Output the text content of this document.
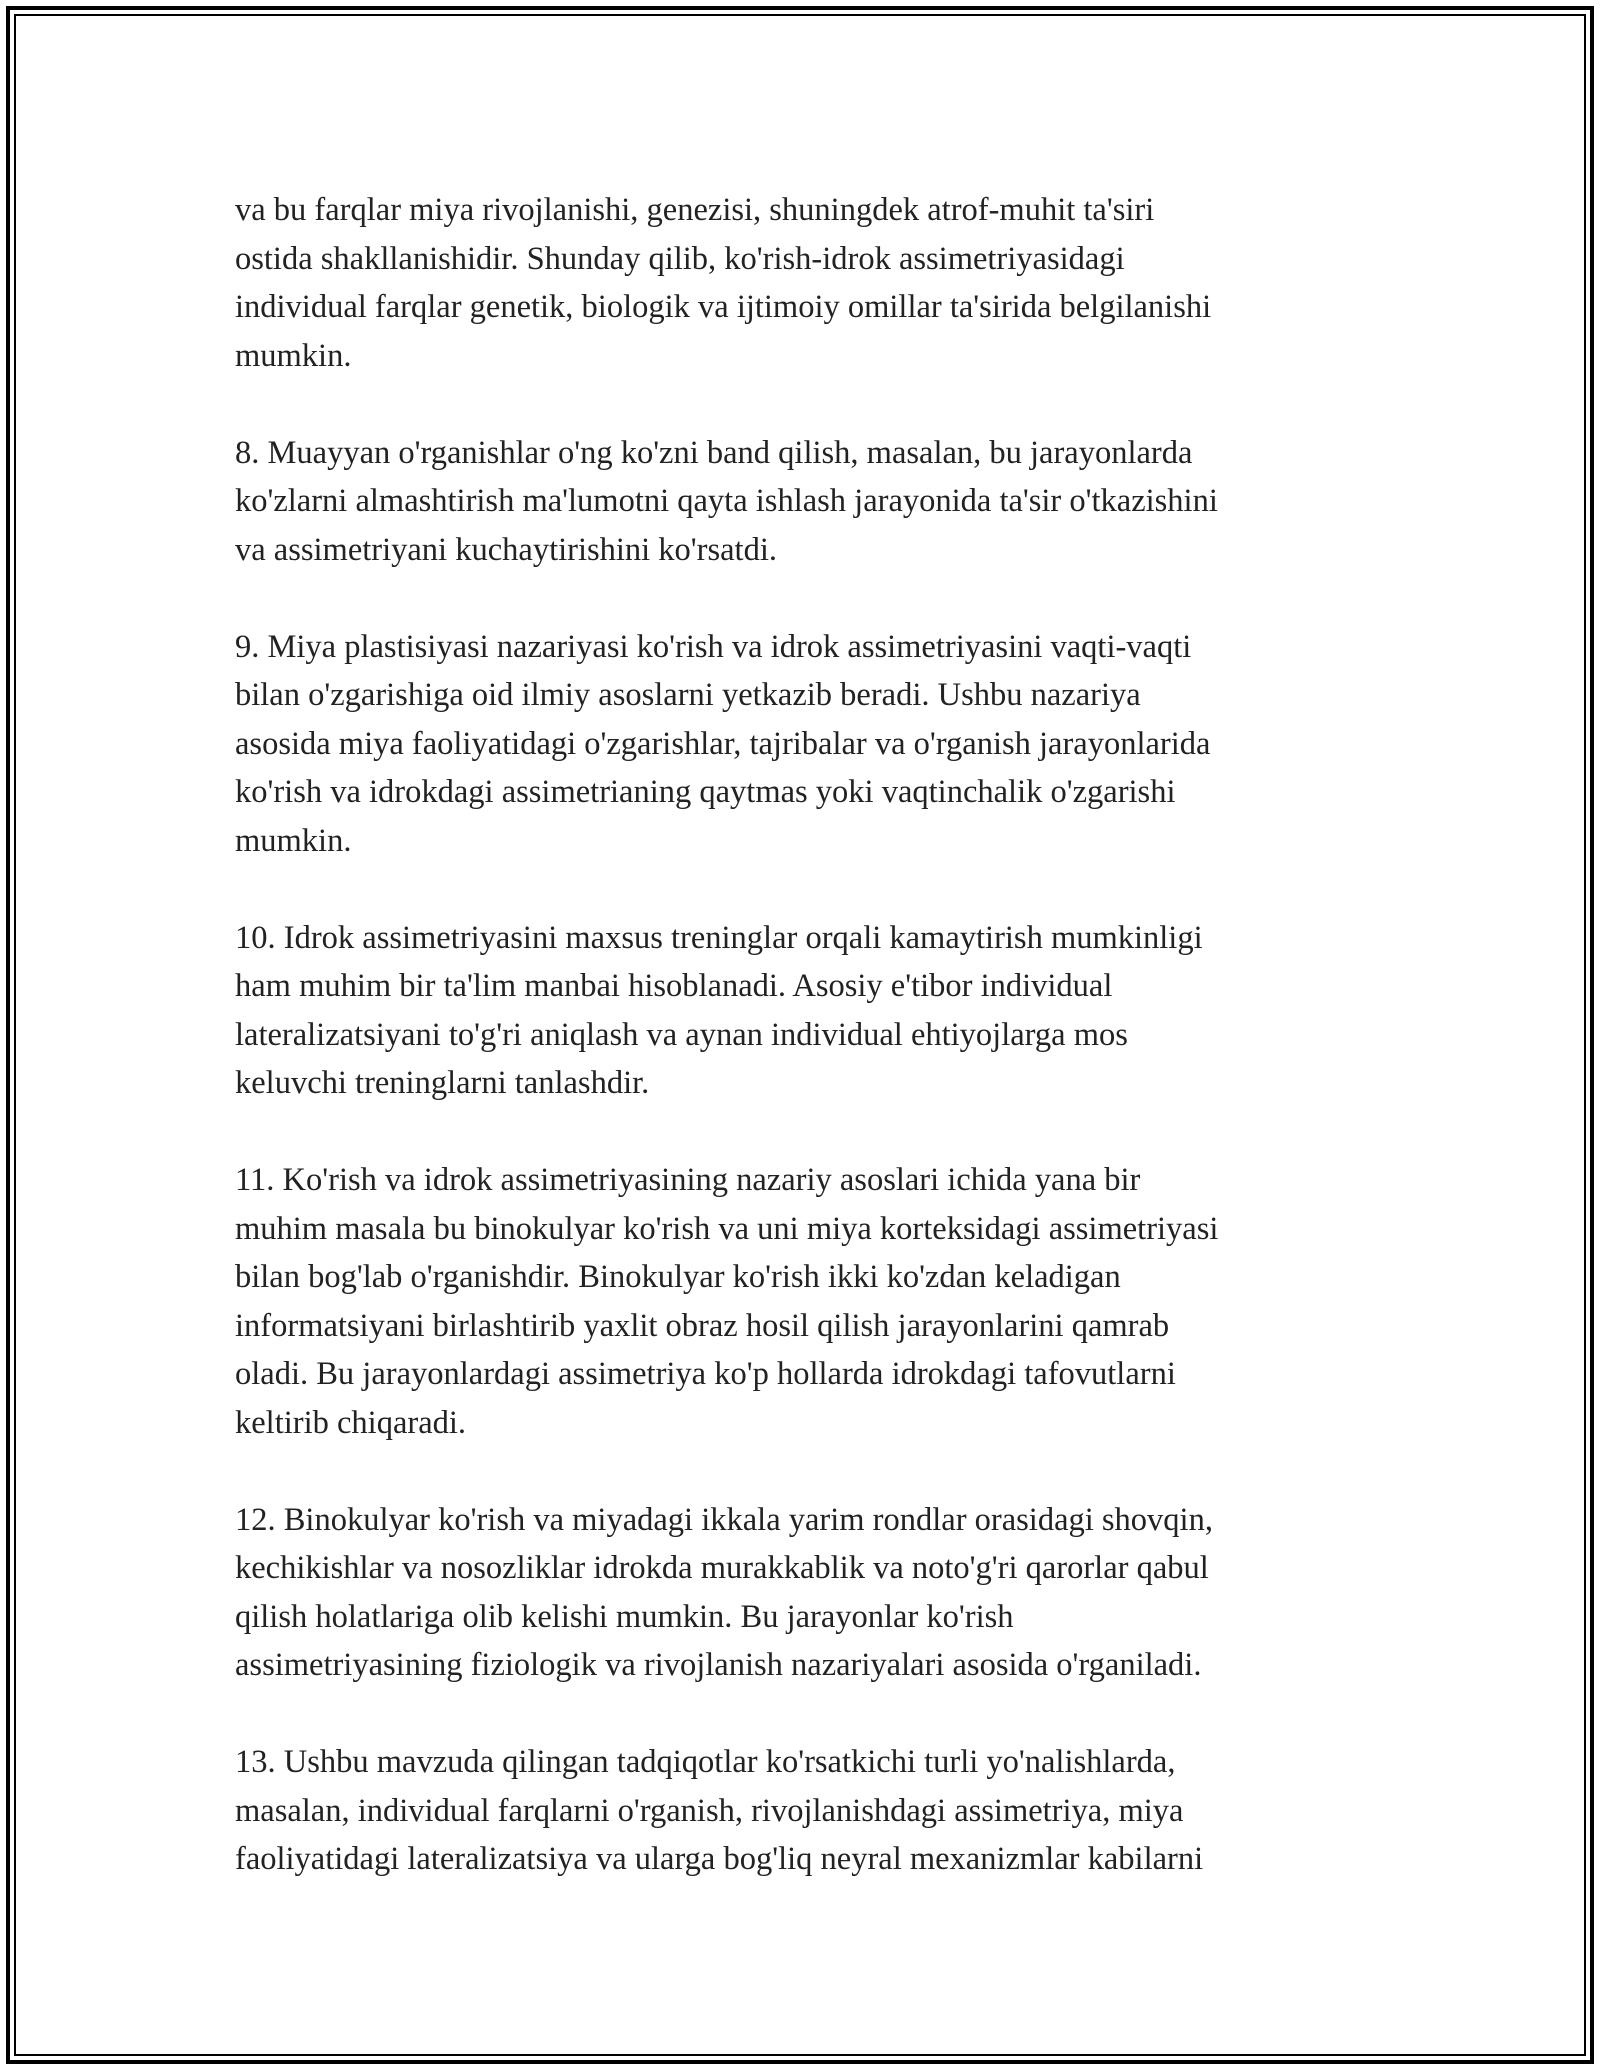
va bu farqlar miya rivojlanishi, genezisi, shuningdek atrof-muhit ta'siri
ostida shakllanishidir. Shunday qilib, ko'rish-idrok assimetriyasidagi
individual farqlar genetik, biologik va ijtimoiy omillar ta'sirida belgilanishi
mumkin.

8. Muayyan o'rganishlar o'ng ko'zni band qilish, masalan, bu jarayonlarda
ko'zlarni almashtirish ma'lumotni qayta ishlash jarayonida ta'sir o'tkazishini
va assimetriyani kuchaytirishini ko'rsatdi.

9. Miya plastisiyasi nazariyasi ko'rish va idrok assimetriyasini vaqti-vaqti
bilan o'zgarishiga oid ilmiy asoslarni yetkazib beradi. Ushbu nazariya
asosida miya faoliyatidagi o'zgarishlar, tajribalar va o'rganish jarayonlarida
ko'rish va idrokdagi assimetrianing qaytmas yoki vaqtinchalik o'zgarishi
mumkin.

10. Idrok assimetriyasini maxsus treninglar orqali kamaytirish mumkinligi
ham muhim bir ta'lim manbai hisoblanadi. Asosiy e'tibor individual
lateralizatsiyani to'g'ri aniqlash va aynan individual ehtiyojlarga mos
keluvchi treninglarni tanlashdir.

11. Ko'rish va idrok assimetriyasining nazariy asoslari ichida yana bir
muhim masala bu binokulyar ko'rish va uni miya korteksidagi assimetriyasi
bilan bog'lab o'rganishdir. Binokulyar ko'rish ikki ko'zdan keladigan
informatsiyani birlashtirib yaxlit obraz hosil qilish jarayonlarini qamrab
oladi. Bu jarayonlardagi assimetriya ko'p hollarda idrokdagi tafovutlarni
keltirib chiqaradi.

12. Binokulyar ko'rish va miyadagi ikkala yarim rondlar orasidagi shovqin,
kechikishlar va nosozliklar idrokda murakkablik va noto'g'ri qarorlar qabul
qilish holatlariga olib kelishi mumkin. Bu jarayonlar ko'rish
assimetriyasining fiziologik va rivojlanish nazariyalari asosida o'rganiladi.

13. Ushbu mavzuda qilingan tadqiqotlar ko'rsatkichi turli yo'nalishlarda,
masalan, individual farqlarni o'rganish, rivojlanishdagi assimetriya, miya
faoliyatidagi lateralizatsiya va ularga bog'liq neyral mexanizmlar kabilarni
